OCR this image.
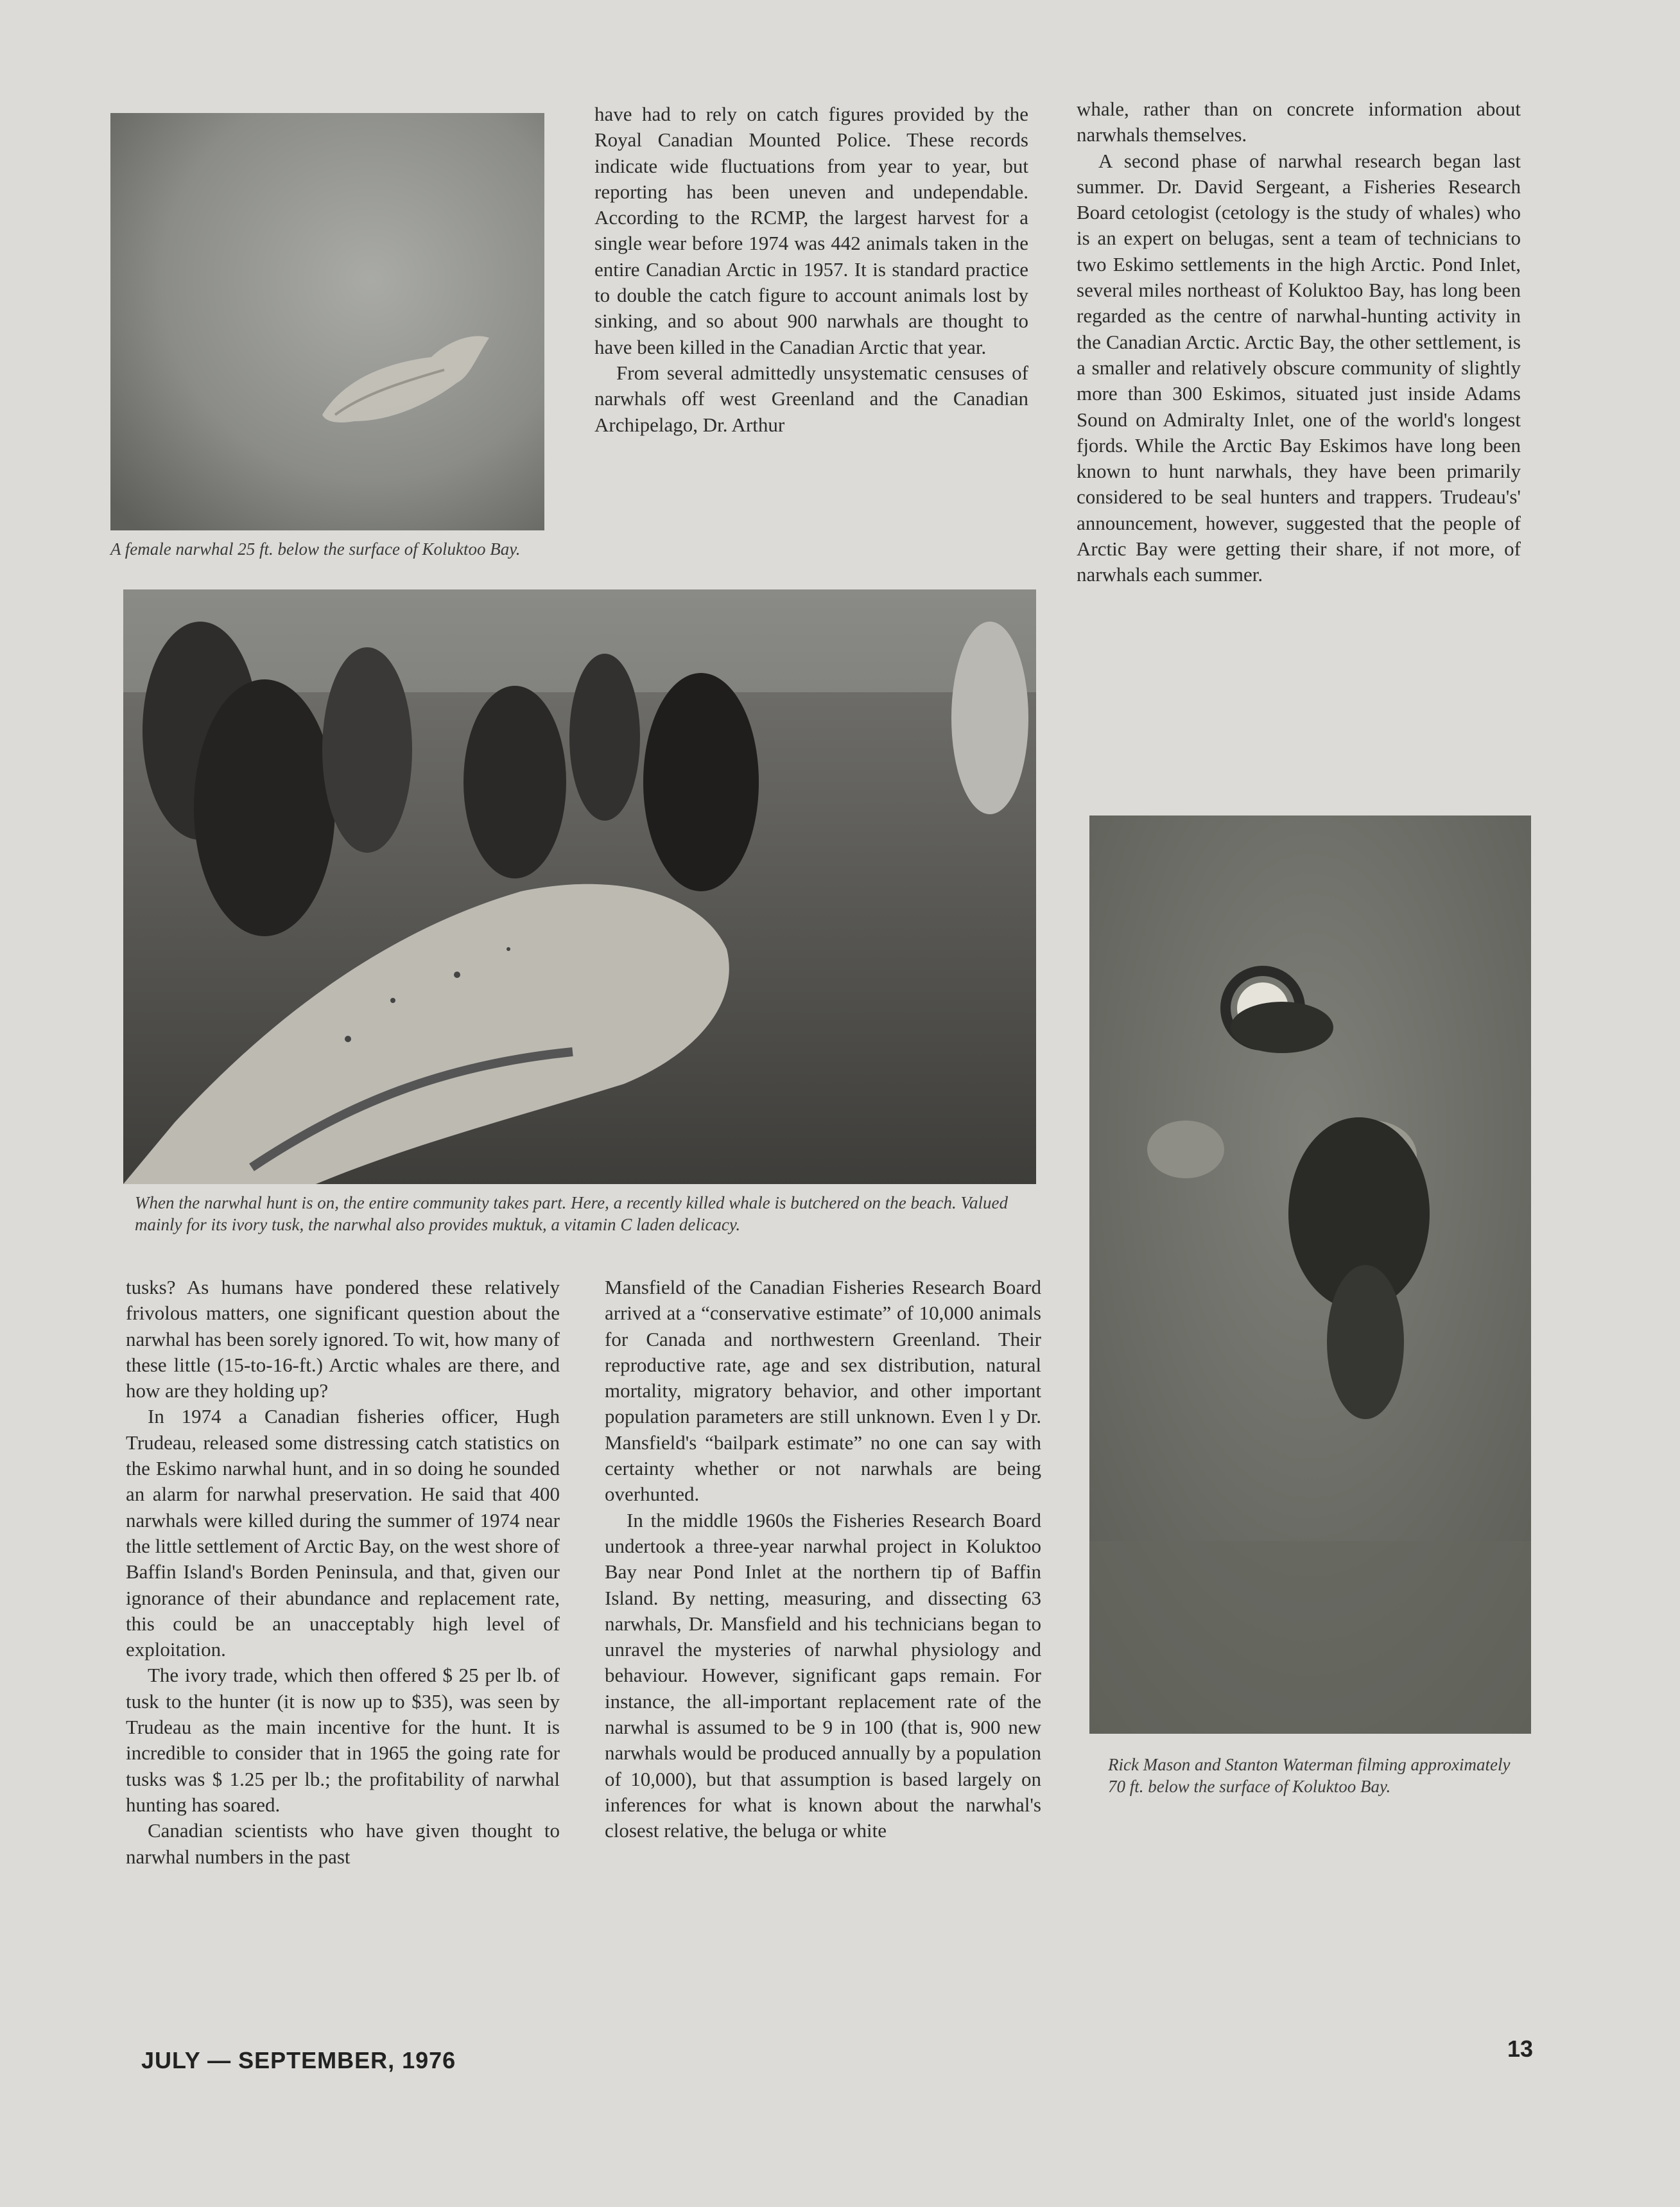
A female narwhal 25 ft. below the surface of Koluktoo Bay.

have had to rely on catch figures provided by the Royal Canadian Mounted Police. These records indicate wide fluctuations from year to year, but reporting has been uneven and undependable. According to the RCMP, the largest harvest for a single wear before 1974 was 442 animals taken in the entire Canadian Arctic in 1957. It is standard practice to double the catch figure to account animals lost by sinking, and so about 900 narwhals are thought to have been killed in the Canadian Arctic that year.

From several admittedly unsystematic censuses of narwhals off west Greenland and the Canadian Archipelago, Dr. Arthur

whale, rather than on concrete information about narwhals themselves.

A second phase of narwhal research began last summer. Dr. David Sergeant, a Fisheries Research Board cetologist (cetology is the study of whales) who is an expert on belugas, sent a team of technicians to two Eskimo settlements in the high Arctic. Pond Inlet, several miles northeast of Koluktoo Bay, has long been regarded as the centre of narwhal-hunting activity in the Canadian Arctic. Arctic Bay, the other settlement, is a smaller and relatively obscure community of slightly more than 300 Eskimos, situated just inside Adams Sound on Admiralty Inlet, one of the world's longest fjords. While the Arctic Bay Eskimos have long been known to hunt narwhals, they have been primarily considered to be seal hunters and trappers. Trudeau's' announcement, however, suggested that the people of Arctic Bay were getting their share, if not more, of narwhals each summer.

When the narwhal hunt is on, the entire community takes part. Here, a recently killed whale is butchered on the beach. Valued mainly for its ivory tusk, the narwhal also provides muktuk, a vitamin C laden delicacy.

Rick Mason and Stanton Waterman filming approximately 70 ft. below the surface of Koluktoo Bay.

tusks? As humans have pondered these relatively frivolous matters, one significant question about the narwhal has been sorely ignored. To wit, how many of these little (15-to-16-ft.) Arctic whales are there, and how are they holding up?

In 1974 a Canadian fisheries officer, Hugh Trudeau, released some distressing catch statistics on the Eskimo narwhal hunt, and in so doing he sounded an alarm for narwhal preservation. He said that 400 narwhals were killed during the summer of 1974 near the little settlement of Arctic Bay, on the west shore of Baffin Island's Borden Peninsula, and that, given our ignorance of their abundance and replacement rate, this could be an unacceptably high level of exploitation.

The ivory trade, which then offered $ 25 per lb. of tusk to the hunter (it is now up to $35), was seen by Trudeau as the main incentive for the hunt. It is incredible to consider that in 1965 the going rate for tusks was $ 1.25 per lb.; the profitability of narwhal hunting has soared.

Canadian scientists who have given thought to narwhal numbers in the past

Mansfield of the Canadian Fisheries Research Board arrived at a “conservative estimate” of 10,000 animals for Canada and northwestern Greenland. Their reproductive rate, age and sex distribution, natural mortality, migratory behavior, and other important population parameters are still unknown. Even l y Dr. Mansfield's “bailpark estimate” no one can say with certainty whether or not narwhals are being overhunted.

In the middle 1960s the Fisheries Research Board undertook a three-year narwhal project in Koluktoo Bay near Pond Inlet at the northern tip of Baffin Island. By netting, measuring, and dissecting 63 narwhals, Dr. Mansfield and his technicians began to unravel the mysteries of narwhal physiology and behaviour. However, significant gaps remain. For instance, the all-important replacement rate of the narwhal is assumed to be 9 in 100 (that is, 900 new narwhals would be produced annually by a population of 10,000), but that assumption is based largely on inferences for what is known about the narwhal's closest relative, the beluga or white

JULY — SEPTEMBER, 1976	13
